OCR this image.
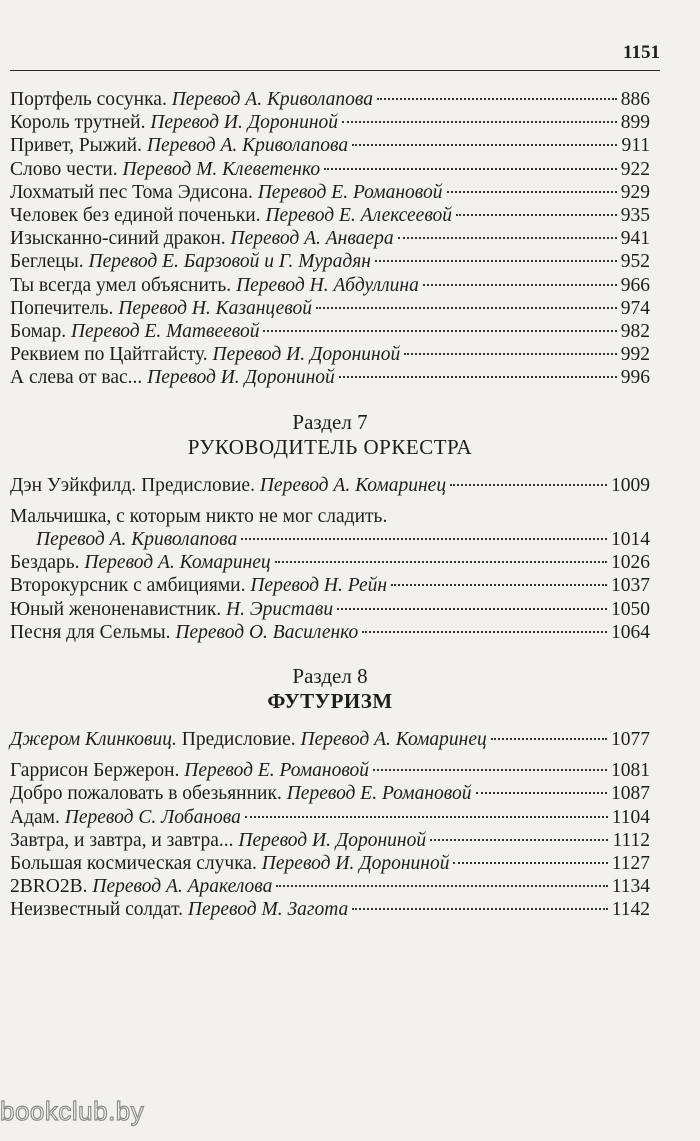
1151
Портфель сосунка. Перевод А. Криволапова	886
Король трутней. Перевод И. Дорониной	899
Привет, Рыжий. Перевод А. Криволапова	911
Слово чести. Перевод М. Клеветенко	922
Лохматый пес Тома Эдисона. Перевод Е. Романовой	929
Человек без единой поченьки. Перевод Е. Алексеевой	935
Изысканно-синий дракон. Перевод А. Анваера	941
Беглецы. Перевод Е. Барзовой и Г. Мурадян	952
Ты всегда умел объяснить. Перевод Н. Абдуллина	966
Попечитель. Перевод Н. Казанцевой	974
Бомар. Перевод Е. Матвеевой	982
Реквием по Цайтгайсту. Перевод И. Дорониной	992
А слева от вас... Перевод И. Дорониной	996
Раздел 7
РУКОВОДИТЕЛЬ ОРКЕСТРА
Дэн Уэйкфилд. Предисловие. Перевод А. Комаринец	1009
Мальчишка, с которым никто не мог сладить.
Перевод А. Криволапова	1014
Бездарь. Перевод А. Комаринец	1026
Второкурсник с амбициями. Перевод Н. Рейн	1037
Юный женоненавистник. Н. Эристави	1050
Песня для Сельмы. Перевод О. Василенко	1064
Раздел 8
ФУТУРИЗМ
Джером Клинковиц. Предисловие. Перевод А. Комаринец	1077
Гаррисон Бержерон. Перевод Е. Романовой	1081
Добро пожаловать в обезьянник. Перевод Е. Романовой	1087
Адам. Перевод С. Лобанова	1104
Завтра, и завтра, и завтра... Перевод И. Дорониной	1112
Большая космическая случка. Перевод И. Дорониной	1127
2BRO2B. Перевод А. Аракелова	1134
Неизвестный солдат. Перевод М. Загота	1142
bookclub.by
